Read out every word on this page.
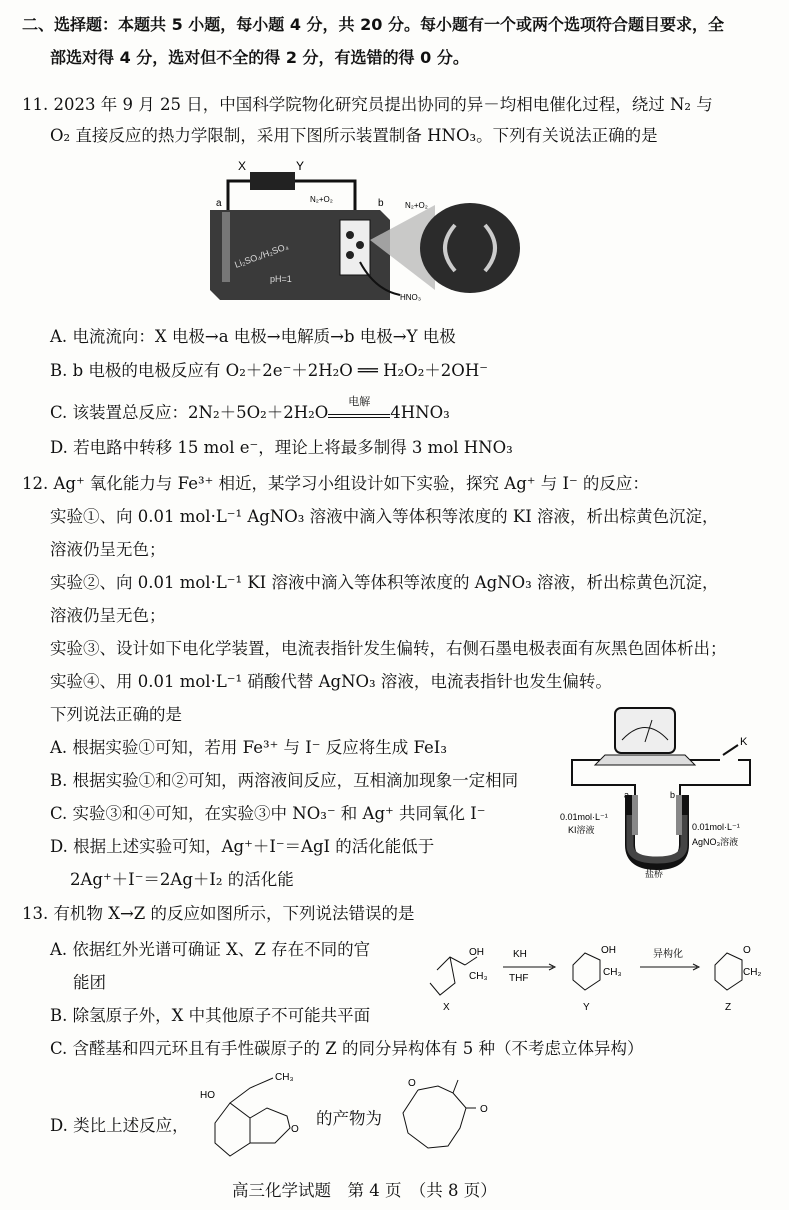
二、选择题：本题共 5 小题，每小题 4 分，共 20 分。每小题有一个或两个选项符合题目要求，全
部选对得 4 分，选对但不全的得 2 分，有选错的得 0 分。
11. 2023 年 9 月 25 日，中国科学院物化研究员提出协同的异－均相电催化过程，绕过 N₂ 与
O₂ 直接反应的热力学限制，采用下图所示装置制备 HNO₃。下列有关说法正确的是
X	Y
a	b
N₂+O₂
N₂+O₂
Li₂SO₄/H₂SO₄
pH=1
HNO₃
A. 电流流向：X 电极→a 电极→电解质→b 电极→Y 电极
B. b 电极的电极反应有 O₂＋2e⁻＋2H₂O ══ H₂O₂＋2OH⁻
C. 该装置总反应：2N₂＋5O₂＋2H₂O
电解
4HNO₃
D. 若电路中转移 15 mol e⁻，理论上将最多制得 3 mol HNO₃
12. Ag⁺ 氧化能力与 Fe³⁺ 相近，某学习小组设计如下实验，探究 Ag⁺ 与 I⁻ 的反应：
实验①、向 0.01 mol·L⁻¹ AgNO₃ 溶液中滴入等体积等浓度的 KI 溶液，析出棕黄色沉淀，
溶液仍呈无色；
实验②、向 0.01 mol·L⁻¹ KI 溶液中滴入等体积等浓度的 AgNO₃ 溶液，析出棕黄色沉淀，
溶液仍呈无色；
实验③、设计如下电化学装置，电流表指针发生偏转，右侧石墨电极表面有灰黑色固体析出；
实验④、用 0.01 mol·L⁻¹ 硝酸代替 AgNO₃ 溶液，电流表指针也发生偏转。
下列说法正确的是
A. 根据实验①可知，若用 Fe³⁺ 与 I⁻ 反应将生成 FeI₃
B. 根据实验①和②可知，两溶液间反应，互相滴加现象一定相同
C. 实验③和④可知，在实验③中 NO₃⁻ 和 Ag⁺ 共同氧化 I⁻
D. 根据上述实验可知，Ag⁺＋I⁻＝AgI 的活化能低于
2Ag⁺＋I⁻＝2Ag＋I₂ 的活化能
K
a	b
0.01mol·L⁻¹
KI溶液	0.01mol·L⁻¹
AgNO₃溶液
盐桥
13. 有机物 X→Z 的反应如图所示，下列说法错误的是
A. 依据红外光谱可确证 X、Z 存在不同的官
能团
B. 除氢原子外，X 中其他原子不可能共平面
C. 含醛基和四元环且有手性碳原子的 Z 的同分异构体有 5 种（不考虑立体异构）
D. 类比上述反应，	的产物为
OH
CH₃
X
KH
THF
OH
CH₃
Y
异构化	O
CH₂
Z
HO
CH₃
O
O
O
高三化学试题　第 4 页　（共 8 页）
